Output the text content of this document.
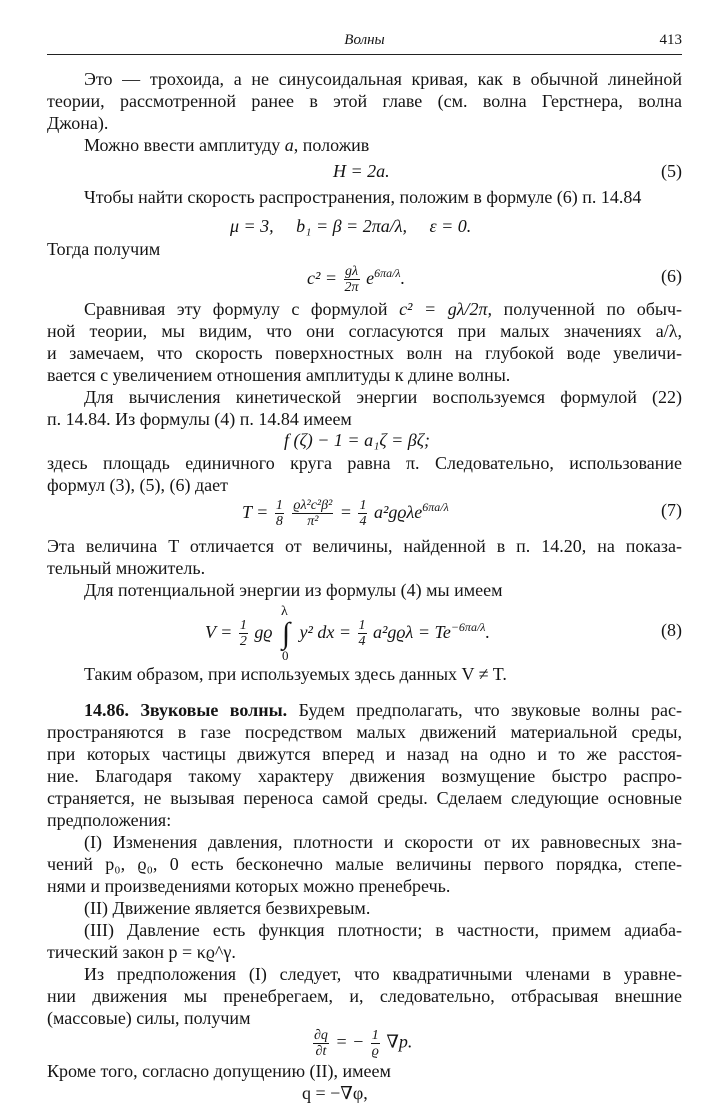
Волны	413
Это — трохоида, а не синусоидальная кривая, как в обычной линейной
теории, рассмотренной ранее в этой главе (см. волна Герстнера, волна
Джона).
Можно ввести амплитуду a, положив
H = 2a.	(5)
Чтобы найти скорость распространения, положим в формуле (6) п. 14.84
μ = 3,     b₁ = β = 2πa/λ,     ε = 0.
Тогда получим
$c^2 = \frac{g\lambda}{2\pi} e^{6\pi a/\lambda}$.	(6)
Сравнивая эту формулу с формулой c² = gλ/2π, полученной по обыч-
ной теории, мы видим, что они согласуются при малых значениях a/λ,
и замечаем, что скорость поверхностных волн на глубокой воде увеличи-
вается с увеличением отношения амплитуды к длине волны.
Для вычисления кинетической энергии воспользуемся формулой (22)
п. 14.84. Из формулы (4) п. 14.84 имеем
f (ζ) − 1 = a₁ζ = βζ;
здесь площадь единичного круга равна π. Следовательно, использование
формул (3), (5), (6) дает
$T = \frac{1}{8}$
$\frac{\text{ϱλ²c²β²}}{\text{π²}} = \frac{1}{4} a^2gϱ\lambda e^{6\pi a/\lambda}$	(7)
Эта величина T отличается от величины, найденной в п. 14.20, на показа-
тельный множитель.
Для потенциальной энергии из формулы (4) мы имеем
$V = \frac{1}{2}$ gϱ ∫
λ
0
y² dx = $\frac{1}{4} a^2gϱ\lambda = Te^{-6\pi a/\lambda}$.	(8)
Таким образом, при используемых здесь данных V ≠ T.
14.86. Звуковые волны. Будем предполагать, что звуковые волны рас-
пространяются в газе посредством малых движений материальной среды,
при которых частицы движутся вперед и назад на одно и то же расстоя-
ние. Благодаря такому характеру движения возмущение быстро распро-
страняется, не вызывая переноса самой среды. Сделаем следующие основные
предположения:
(I) Изменения давления, плотности и скорости от их равновесных зна-
чений p₀, ϱ₀, 0 есть бесконечно малые величины первого порядка, степе-
нями и произведениями которых можно пренебречь.
(II) Движение является безвихревым.
(III) Давление есть функция плотности; в частности, примем адиаба-
тический закон p = κϱ^γ.
Из предположения (I) следует, что квадратичными членами в уравне-
нии движения мы пренебрегаем, и, следовательно, отбрасывая внешние
(массовые) силы, получим
$\frac{\partial q}{\partial t}$ = − $\frac{1}{ϱ} \nabla p$.
Кроме того, согласно допущению (II), имеем
q = −∇φ,
